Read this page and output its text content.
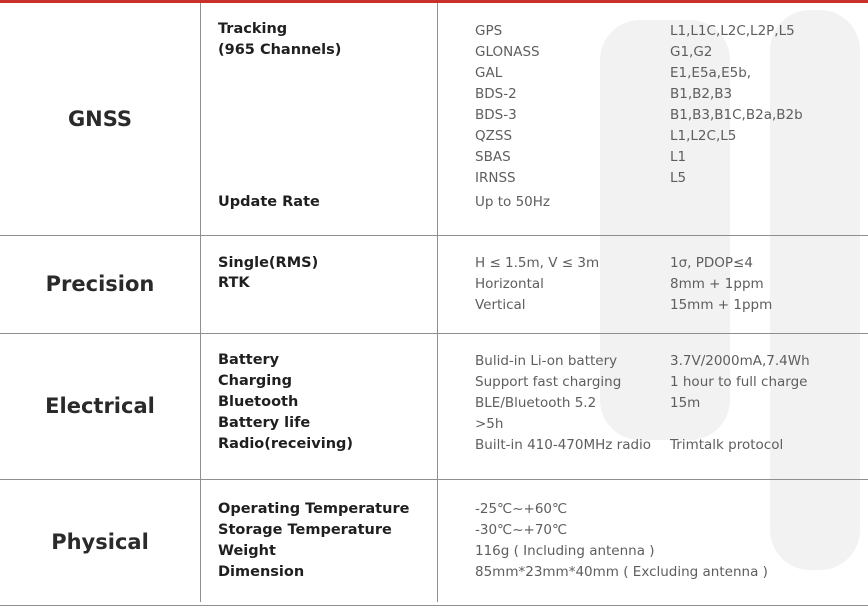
GNSS
Tracking
(965 Channels)
Update Rate
GPS
GLONASS
GAL
BDS-2
BDS-3
QZSS
SBAS
IRNSS
Up to 50Hz
L1,L1C,L2C,L2P,L5
G1,G2
E1,E5a,E5b,
B1,B2,B3
B1,B3,B1C,B2a,B2b
L1,L2C,L5
L1
L5
Precision
Single(RMS)
RTK
H ≤ 1.5m, V ≤ 3m
Horizontal
Vertical
1σ, PDOP≤4
8mm + 1ppm
15mm + 1ppm
Electrical
Battery
Charging
Bluetooth
Battery life
Radio(receiving)
Bulid-in Li-on battery
Support fast charging
BLE/Bluetooth 5.2
>5h
Built-in 410-470MHz radio
3.7V/2000mA,7.4Wh
1 hour to full charge
15m
Trimtalk protocol
Physical
Operating Temperature
Storage Temperature
Weight
Dimension
-25℃~+60℃
-30℃~+70℃
116g ( Including antenna )
85mm*23mm*40mm ( Excluding antenna )
